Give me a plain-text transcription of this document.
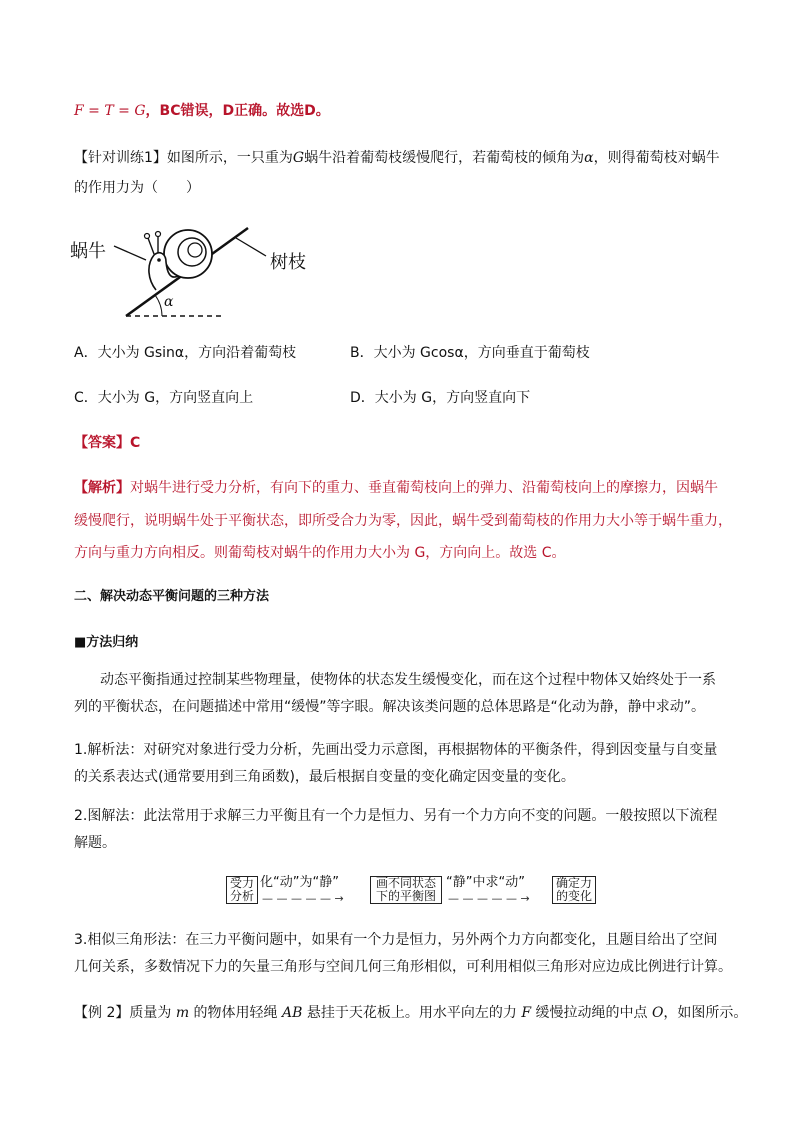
F = T = G，BC错误，D正确。故选D。
【针对训练1】如图所示，一只重为G蜗牛沿着葡萄枝缓慢爬行，若葡萄枝的倾角为α，则得葡萄枝对蜗牛
的作用力为（　　）
蜗牛
树枝
α
A．大小为 Gsinα，方向沿着葡萄枝	B．大小为 Gcosα，方向垂直于葡萄枝
C．大小为 G，方向竖直向上	D．大小为 G，方向竖直向下
【答案】C
【解析】对蜗牛进行受力分析，有向下的重力、垂直葡萄枝向上的弹力、沿葡萄枝向上的摩擦力，因蜗牛
缓慢爬行，说明蜗牛处于平衡状态，即所受合力为零，因此，蜗牛受到葡萄枝的作用力大小等于蜗牛重力，
方向与重力方向相反。则葡萄枝对蜗牛的作用力大小为 G，方向向上。故选 C。
二、解决动态平衡问题的三种方法
■方法归纳
动态平衡指通过控制某些物理量，使物体的状态发生缓慢变化，而在这个过程中物体又始终处于一系
列的平衡状态，在问题描述中常用“缓慢”等字眼。解决该类问题的总体思路是“化动为静，静中求动”。
1.解析法：对研究对象进行受力分析，先画出受力示意图，再根据物体的平衡条件，得到因变量与自变量
的关系表达式(通常要用到三角函数)，最后根据自变量的变化确定因变量的变化。
2.图解法：此法常用于求解三力平衡且有一个力是恒力、另有一个力方向不变的问题。一般按照以下流程
解题。
受力
分析
化“动”为“静”
— — — — — →
画不同状态
下的平衡图
“静”中求“动”
— — — — — →
确定力
的变化
3.相似三角形法：在三力平衡问题中，如果有一个力是恒力，另外两个力方向都变化，且题目给出了空间
几何关系，多数情况下力的矢量三角形与空间几何三角形相似，可利用相似三角形对应边成比例进行计算。
【例 2】质量为 m 的物体用轻绳 AB 悬挂于天花板上。用水平向左的力 F 缓慢拉动绳的中点 O，如图所示。
